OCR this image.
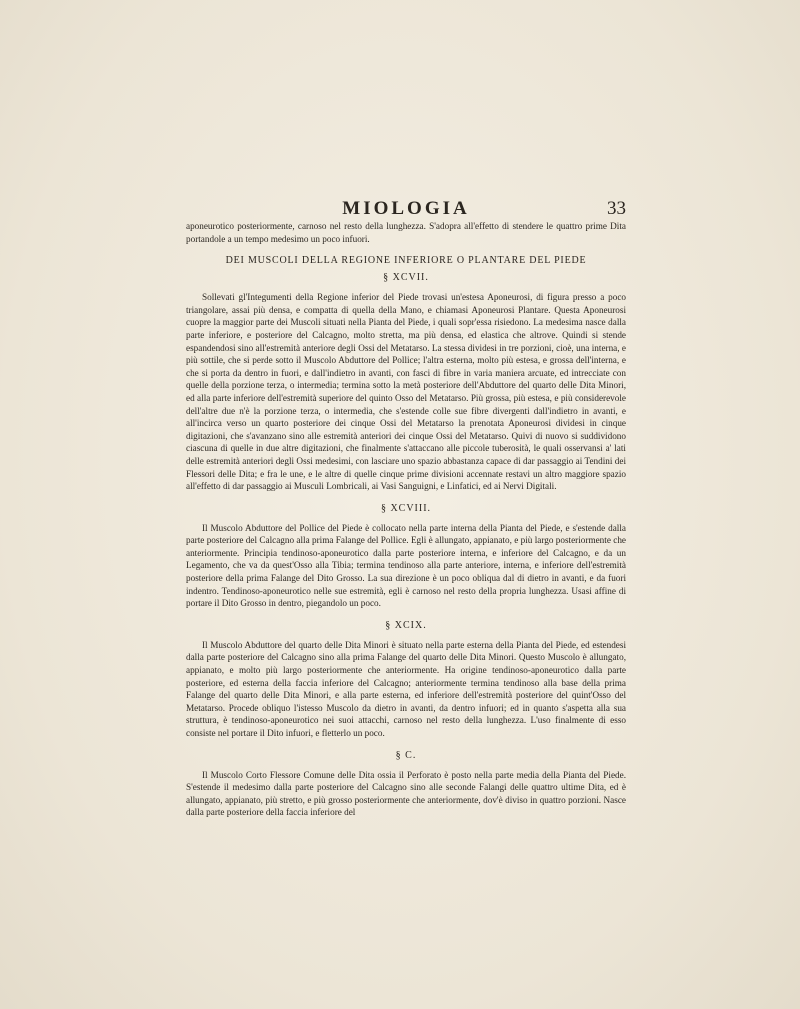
MIOLOGIA	33

aponeurotico posteriormente, carnoso nel resto della lunghezza. S'adopra all'effetto di stendere le quattro prime Dita portandole a un tempo medesimo un poco infuori.

DEI MUSCOLI DELLA REGIONE INFERIORE O PLANTARE DEL PIEDE
§ XCVII.

Sollevati gl'Integumenti della Regione inferior del Piede trovasi un'estesa Aponeurosi, di figura presso a poco triangolare, assai più densa, e compatta di quella della Mano, e chiamasi Aponeurosi Plantare. Questa Aponeurosi cuopre la maggior parte dei Muscoli situati nella Pianta del Piede, i quali sopr'essa risiedono. La medesima nasce dalla parte inferiore, e posteriore del Calcagno, molto stretta, ma più densa, ed elastica che altrove. Quindi si stende espandendosi sino all'estremità anteriore degli Ossi del Metatarso. La stessa dividesi in tre porzioni, cioè, una interna, e più sottile, che si perde sotto il Muscolo Abduttore del Pollice; l'altra esterna, molto più estesa, e grossa dell'interna, e che si porta da dentro in fuori, e dall'indietro in avanti, con fasci di fibre in varia maniera arcuate, ed intrecciate con quelle della porzione terza, o intermedia; termina sotto la metà posteriore dell'Abduttore del quarto delle Dita Minori, ed alla parte inferiore dell'estremità superiore del quinto Osso del Metatarso. Più grossa, più estesa, e più considerevole dell'altre due n'è la porzione terza, o intermedia, che s'estende colle sue fibre divergenti dall'indietro in avanti, e all'incirca verso un quarto posteriore dei cinque Ossi del Metatarso la prenotata Aponeurosi dividesi in cinque digitazioni, che s'avanzano sino alle estremità anteriori dei cinque Ossi del Metatarso. Quivi di nuovo si suddividono ciascuna di quelle in due altre digitazioni, che finalmente s'attaccano alle piccole tuberosità, le quali osservansi a' lati delle estremità anteriori degli Ossi medesimi, con lasciare uno spazio abbastanza capace di dar passaggio ai Tendini dei Flessori delle Dita; e fra le une, e le altre di quelle cinque prime divisioni accennate restavi un altro maggiore spazio all'effetto di dar passaggio ai Musculi Lombricali, ai Vasi Sanguigni, e Linfatici, ed ai Nervi Digitali.

§ XCVIII.

Il Muscolo Abduttore del Pollice del Piede è collocato nella parte interna della Pianta del Piede, e s'estende dalla parte posteriore del Calcagno alla prima Falange del Pollice. Egli è allungato, appianato, e più largo posteriormente che anteriormente. Principia tendinoso-aponeurotico dalla parte posteriore interna, e inferiore del Calcagno, e da un Legamento, che va da quest'Osso alla Tibia; termina tendinoso alla parte anteriore, interna, e inferiore dell'estremità posteriore della prima Falange del Dito Grosso. La sua direzione è un poco obliqua dal di dietro in avanti, e da fuori indentro. Tendinoso-aponeurotico nelle sue estremità, egli è carnoso nel resto della propria lunghezza. Usasi affine di portare il Dito Grosso in dentro, piegandolo un poco.

§ XCIX.

Il Muscolo Abduttore del quarto delle Dita Minori è situato nella parte esterna della Pianta del Piede, ed estendesi dalla parte posteriore del Calcagno sino alla prima Falange del quarto delle Dita Minori. Questo Muscolo è allungato, appianato, e molto più largo posteriormente che anteriormente. Ha origine tendinoso-aponeurotico dalla parte posteriore, ed esterna della faccia inferiore del Calcagno; anteriormente termina tendinoso alla base della prima Falange del quarto delle Dita Minori, e alla parte esterna, ed inferiore dell'estremità posteriore del quint'Osso del Metatarso. Procede obliquo l'istesso Muscolo da dietro in avanti, da dentro infuori; ed in quanto s'aspetta alla sua struttura, è tendinoso-aponeurotico nei suoi attacchi, carnoso nel resto della lunghezza. L'uso finalmente di esso consiste nel portare il Dito infuori, e fletterlo un poco.

§ C.

Il Muscolo Corto Flessore Comune delle Dita ossia il Perforato è posto nella parte media della Pianta del Piede. S'estende il medesimo dalla parte posteriore del Calcagno sino alle seconde Falangi delle quattro ultime Dita, ed è allungato, appianato, più stretto, e più grosso posteriormente che anteriormente, dov'è diviso in quattro porzioni. Nasce dalla parte posteriore della faccia inferiore del
